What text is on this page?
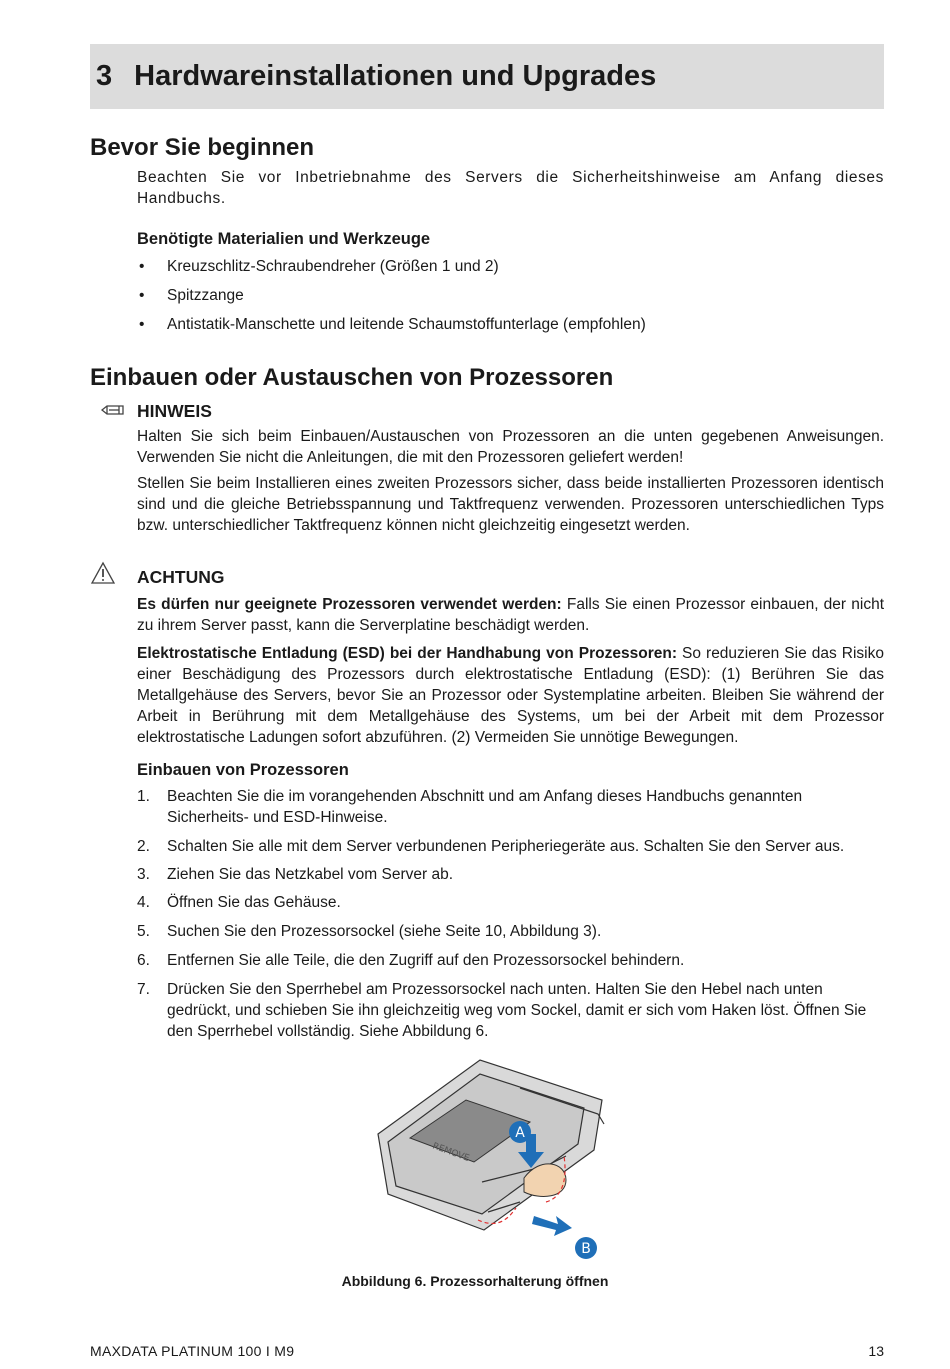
3 Hardwareinstallationen und Upgrades
Bevor Sie beginnen

Beachten Sie vor Inbetriebnahme des Servers die Sicherheitshinweise am Anfang dieses Handbuchs.

Benötigte Materialien und Werkzeuge
• Kreuzschlitz-Schraubendreher (Größen 1 und 2)
• Spitzzange
• Antistatik-Manschette und leitende Schaumstoffunterlage (empfohlen)
Einbauen oder Austauschen von Prozessoren
HINWEIS

Halten Sie sich beim Einbauen/Austauschen von Prozessoren an die unten gegebenen Anweisungen. Verwenden Sie nicht die Anleitungen, die mit den Prozessoren geliefert werden!

Stellen Sie beim Installieren eines zweiten Prozessors sicher, dass beide installierten Prozessoren identisch sind und die gleiche Betriebsspannung und Taktfrequenz verwenden. Prozessoren unterschiedlichen Typs bzw. unterschiedlicher Taktfrequenz können nicht gleichzeitig eingesetzt werden.

ACHTUNG

Es dürfen nur geeignete Prozessoren verwendet werden: Falls Sie einen Prozessor einbauen, der nicht zu ihrem Server passt, kann die Serverplatine beschädigt werden.

Elektrostatische Entladung (ESD) bei der Handhabung von Prozessoren: So reduzieren Sie das Risiko einer Beschädigung des Prozessors durch elektrostatische Entladung (ESD): (1) Berühren Sie das Metallgehäuse des Servers, bevor Sie an Prozessor oder Systemplatine arbeiten. Bleiben Sie während der Arbeit in Berührung mit dem Metallgehäuse des Systems, um bei der Arbeit mit dem Prozessor elektrostatische Ladungen sofort abzuführen. (2) Vermeiden Sie unnötige Bewegungen.

Einbauen von Prozessoren
1. Beachten Sie die im vorangehenden Abschnitt und am Anfang dieses Handbuchs genannten Sicherheits- und ESD-Hinweise.
2. Schalten Sie alle mit dem Server verbundenen Peripheriegeräte aus. Schalten Sie den Server aus.
3. Ziehen Sie das Netzkabel vom Server ab.
4. Öffnen Sie das Gehäuse.
5. Suchen Sie den Prozessorsockel (siehe Seite 10, Abbildung 3).
6. Entfernen Sie alle Teile, die den Zugriff auf den Prozessorsockel behindern.
7. Drücken Sie den Sperrhebel am Prozessorsockel nach unten. Halten Sie den Hebel nach unten gedrückt, und schieben Sie ihn gleichzeitig weg vom Sockel, damit er sich vom Haken löst. Öffnen Sie den Sperrhebel vollständig. Siehe Abbildung 6.
REMOVE
A
B
Abbildung 6. Prozessorhalterung öffnen
MAXDATA PLATINUM 100 I M9	13
